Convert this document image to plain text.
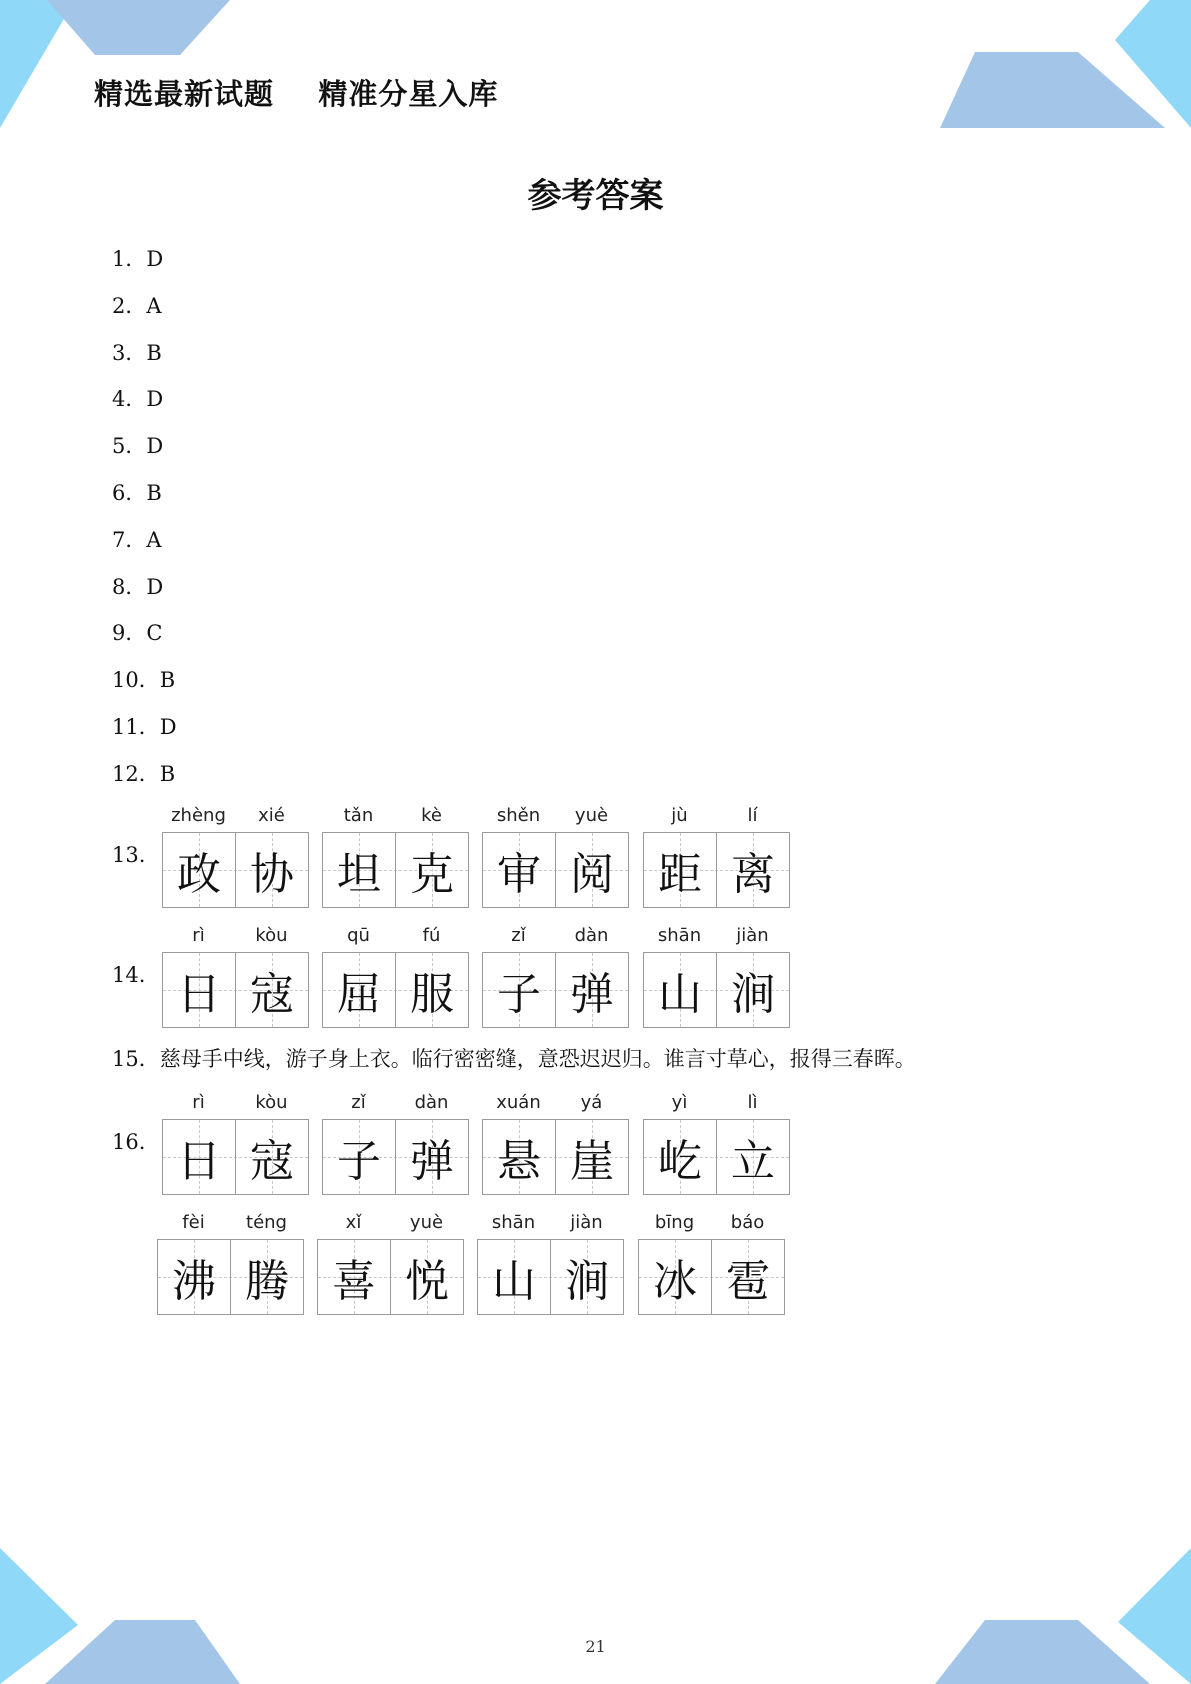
精选最新试题    精准分星入库
参考答案
1．D
2．A
3．B
4．D
5．D
6．B
7．A
8．D
9．C
10．B
11．D
12．B
13.
zhèng	xié
政 协
tǎn	kè
坦 克
shěn	yuè
审 阅
jù	lí
距 离
14.
rì	kòu
日 寇
qū	fú
屈 服
zǐ	dàn
子 弹
shān	jiàn
山 涧
15．慈母手中线，游子身上衣。临行密密缝，意恐迟迟归。谁言寸草心，报得三春晖。
16.
rì	kòu
日 寇
zǐ	dàn
子 弹
xuán	yá
悬 崖
yì	lì
屹 立
fèi	téng
沸 腾
xǐ	yuè
喜 悦
shān	jiàn
山 涧
bīng	báo
冰 雹
21
